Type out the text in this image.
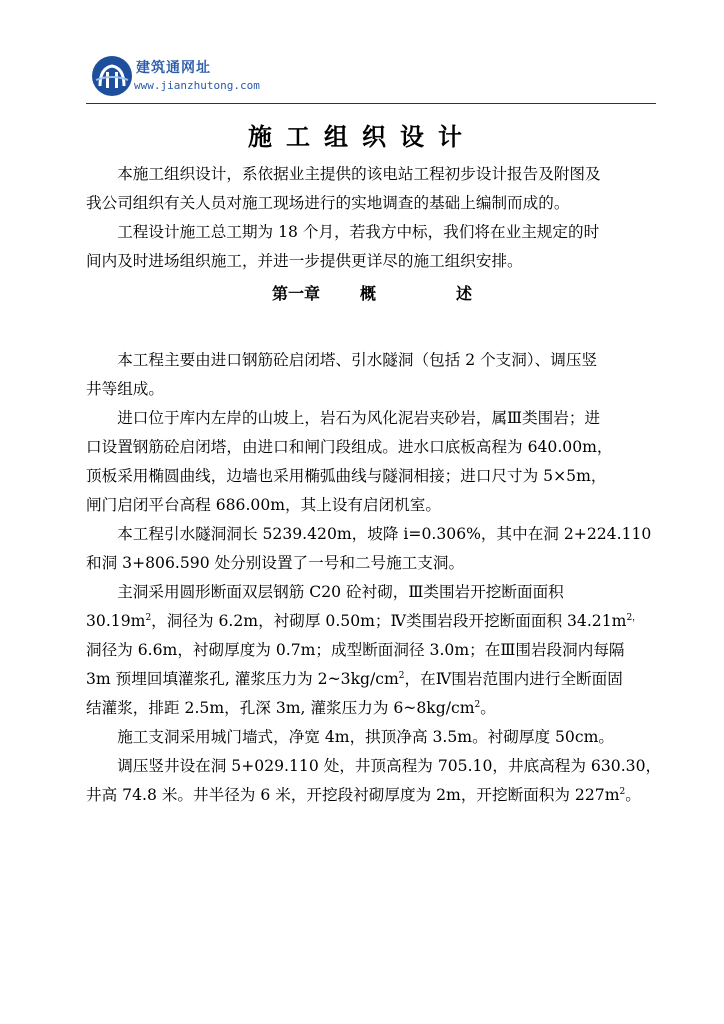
建筑通网址
www.jianzhutong.com
施工组织设计

本施工组织设计，系依据业主提供的该电站工程初步设计报告及附图及
我公司组织有关人员对施工现场进行的实地调查的基础上编制而成的。

工程设计施工总工期为 18 个月，若我方中标，我们将在业主规定的时
间内及时进场组织施工，并进一步提供更详尽的施工组织安排。

第一章	概	述

本工程主要由进口钢筋砼启闭塔、引水隧洞（包括 2 个支洞）、调压竖
井等组成。

进口位于库内左岸的山坡上，岩石为风化泥岩夹砂岩，属Ⅲ类围岩；进
口设置钢筋砼启闭塔，由进口和闸门段组成。进水口底板高程为 640.00m，
顶板采用椭圆曲线，边墙也采用椭弧曲线与隧洞相接；进口尺寸为 5×5m，
闸门启闭平台高程 686.00m，其上设有启闭机室。

本工程引水隧洞洞长 5239.420m，坡降 i=0.306%，其中在洞 2+224.110
和洞 3+806.590 处分别设置了一号和二号施工支洞。

主洞采用圆形断面双层钢筋 C20 砼衬砌，Ⅲ类围岩开挖断面面积
$30.19m^2$，洞径为 6.2m，衬砌厚 0.50m；Ⅳ类围岩段开挖断面面积 $34.21m^{2,}$
洞径为 6.6m，衬砌厚度为 0.7m；成型断面洞径 3.0m；在Ⅲ围岩段洞内每隔
3m 预埋回填灌浆孔, 灌浆压力为 $2\sim 3kg/cm^2$，在Ⅳ围岩范围内进行全断面固
结灌浆，排距 2.5m，孔深 3m, 灌浆压力为 $6\sim 8kg/cm^2$。

施工支洞采用城门墙式，净宽 4m，拱顶净高 3.5m。衬砌厚度 50cm。

调压竖井设在洞 5+029.110 处，井顶高程为 705.10，井底高程为 630.30，
井高 74.8 米。井半径为 6 米，开挖段衬砌厚度为 2m，开挖断面积为 $227m^2$。
